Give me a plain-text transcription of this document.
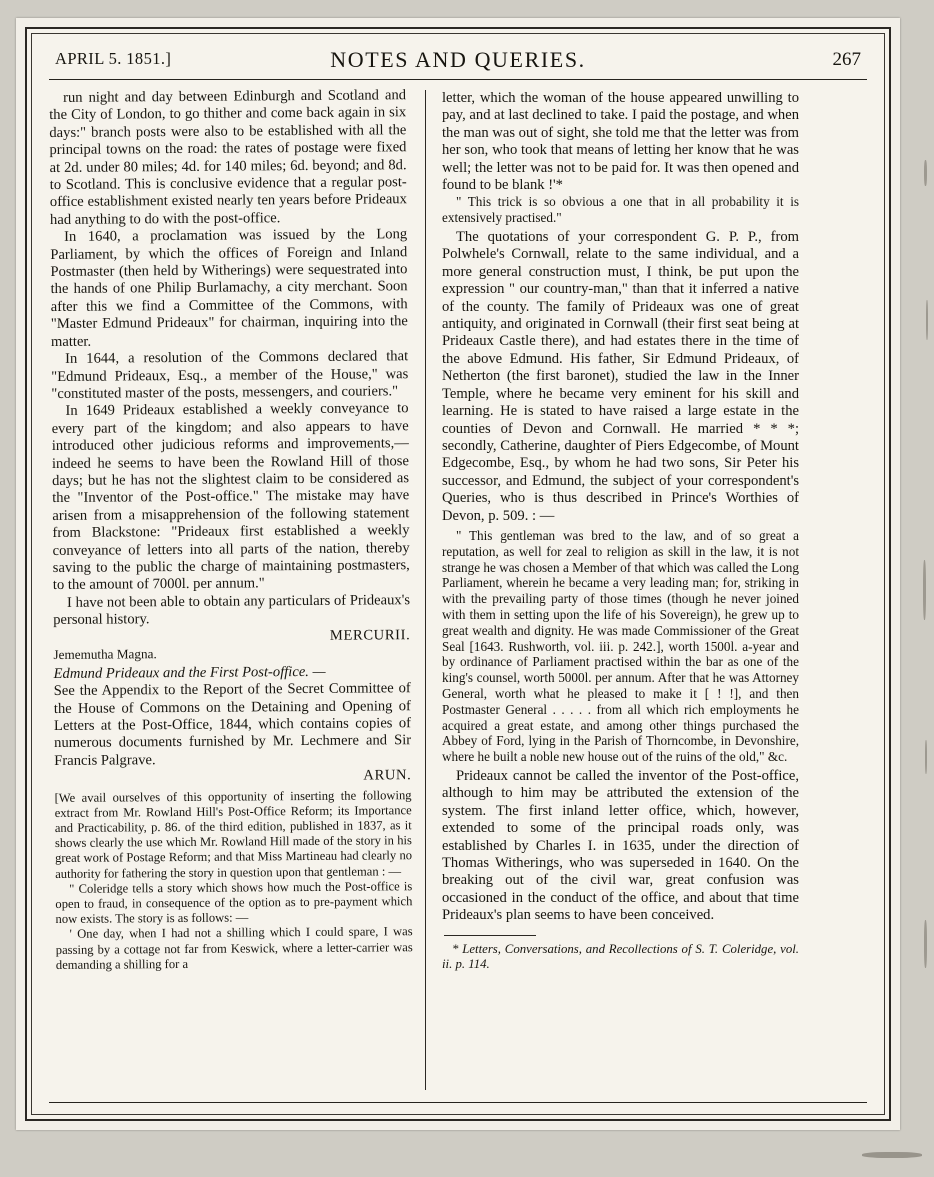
APRIL 5. 1851.]	NOTES AND QUERIES.	267

run night and day between Edinburgh and Scotland and the City of London, to go thither and come back again in six days:" branch posts were also to be established with all the principal towns on the road: the rates of postage were fixed at 2d. under 80 miles; 4d. for 140 miles; 6d. beyond; and 8d. to Scotland. This is conclusive evidence that a regular post-office establishment existed nearly ten years before Prideaux had anything to do with the post-office.

In 1640, a proclamation was issued by the Long Parliament, by which the offices of Foreign and Inland Postmaster (then held by Witherings) were sequestrated into the hands of one Philip Burlamachy, a city merchant. Soon after this we find a Committee of the Commons, with "Master Edmund Prideaux" for chairman, inquiring into the matter.

In 1644, a resolution of the Commons declared that "Edmund Prideaux, Esq., a member of the House," was "constituted master of the posts, messengers, and couriers."

In 1649 Prideaux established a weekly conveyance to every part of the kingdom; and also appears to have introduced other judicious reforms and improvements,—indeed he seems to have been the Rowland Hill of those days; but he has not the slightest claim to be considered as the "Inventor of the Post-office." The mistake may have arisen from a misapprehension of the following statement from Blackstone: "Prideaux first established a weekly conveyance of letters into all parts of the nation, thereby saving to the public the charge of maintaining postmasters, to the amount of 7000l. per annum."

I have not been able to obtain any particulars of Prideaux's personal history.

MERCURII.

Jememutha Magna.

Edmund Prideaux and the First Post-office. —

See the Appendix to the Report of the Secret Committee of the House of Commons on the Detaining and Opening of Letters at the Post-Office, 1844, which contains copies of numerous documents furnished by Mr. Lechmere and Sir Francis Palgrave.

ARUN.

[We avail ourselves of this opportunity of inserting the following extract from Mr. Rowland Hill's Post-Office Reform; its Importance and Practicability, p. 86. of the third edition, published in 1837, as it shows clearly the use which Mr. Rowland Hill made of the story in his great work of Postage Reform; and that Miss Martineau had clearly no authority for fathering the story in question upon that gentleman : —

" Coleridge tells a story which shows how much the Post-office is open to fraud, in consequence of the option as to pre-payment which now exists. The story is as follows: —

' One day, when I had not a shilling which I could spare, I was passing by a cottage not far from Keswick, where a letter-carrier was demanding a shilling for a

letter, which the woman of the house appeared unwilling to pay, and at last declined to take. I paid the postage, and when the man was out of sight, she told me that the letter was from her son, who took that means of letting her know that he was well; the letter was not to be paid for. It was then opened and found to be blank !'*

" This trick is so obvious a one that in all probability it is extensively practised."

The quotations of your correspondent G. P. P., from Polwhele's Cornwall, relate to the same individual, and a more general construction must, I think, be put upon the expression " our country-man," than that it inferred a native of the county. The family of Prideaux was one of great antiquity, and originated in Cornwall (their first seat being at Prideaux Castle there), and had estates there in the time of the above Edmund. His father, Sir Edmund Prideaux, of Netherton (the first baronet), studied the law in the Inner Temple, where he became very eminent for his skill and learning. He is stated to have raised a large estate in the counties of Devon and Cornwall. He married * * *; secondly, Catherine, daughter of Piers Edgecombe, of Mount Edgecombe, Esq., by whom he had two sons, Sir Peter his successor, and Edmund, the subject of your correspondent's Queries, who is thus described in Prince's Worthies of Devon, p. 509. : —

" This gentleman was bred to the law, and of so great a reputation, as well for zeal to religion as skill in the law, it is not strange he was chosen a Member of that which was called the Long Parliament, wherein he became a very leading man; for, striking in with the prevailing party of those times (though he never joined with them in setting upon the life of his Sovereign), he grew up to great wealth and dignity. He was made Commissioner of the Great Seal [1643. Rushworth, vol. iii. p. 242.], worth 1500l. a-year and by ordinance of Parliament practised within the bar as one of the king's counsel, worth 5000l. per annum. After that he was Attorney General, worth what he pleased to make it [ ! !], and then Postmaster General . . . . . from all which rich employments he acquired a great estate, and among other things purchased the Abbey of Ford, lying in the Parish of Thorncombe, in Devonshire, where he built a noble new house out of the ruins of the old," &c.

Prideaux cannot be called the inventor of the Post-office, although to him may be attributed the extension of the system. The first inland letter office, which, however, extended to some of the principal roads only, was established by Charles I. in 1635, under the direction of Thomas Witherings, who was superseded in 1640. On the breaking out of the civil war, great confusion was occasioned in the conduct of the office, and about that time Prideaux's plan seems to have been conceived.

* Letters, Conversations, and Recollections of S. T. Coleridge, vol. ii. p. 114.
